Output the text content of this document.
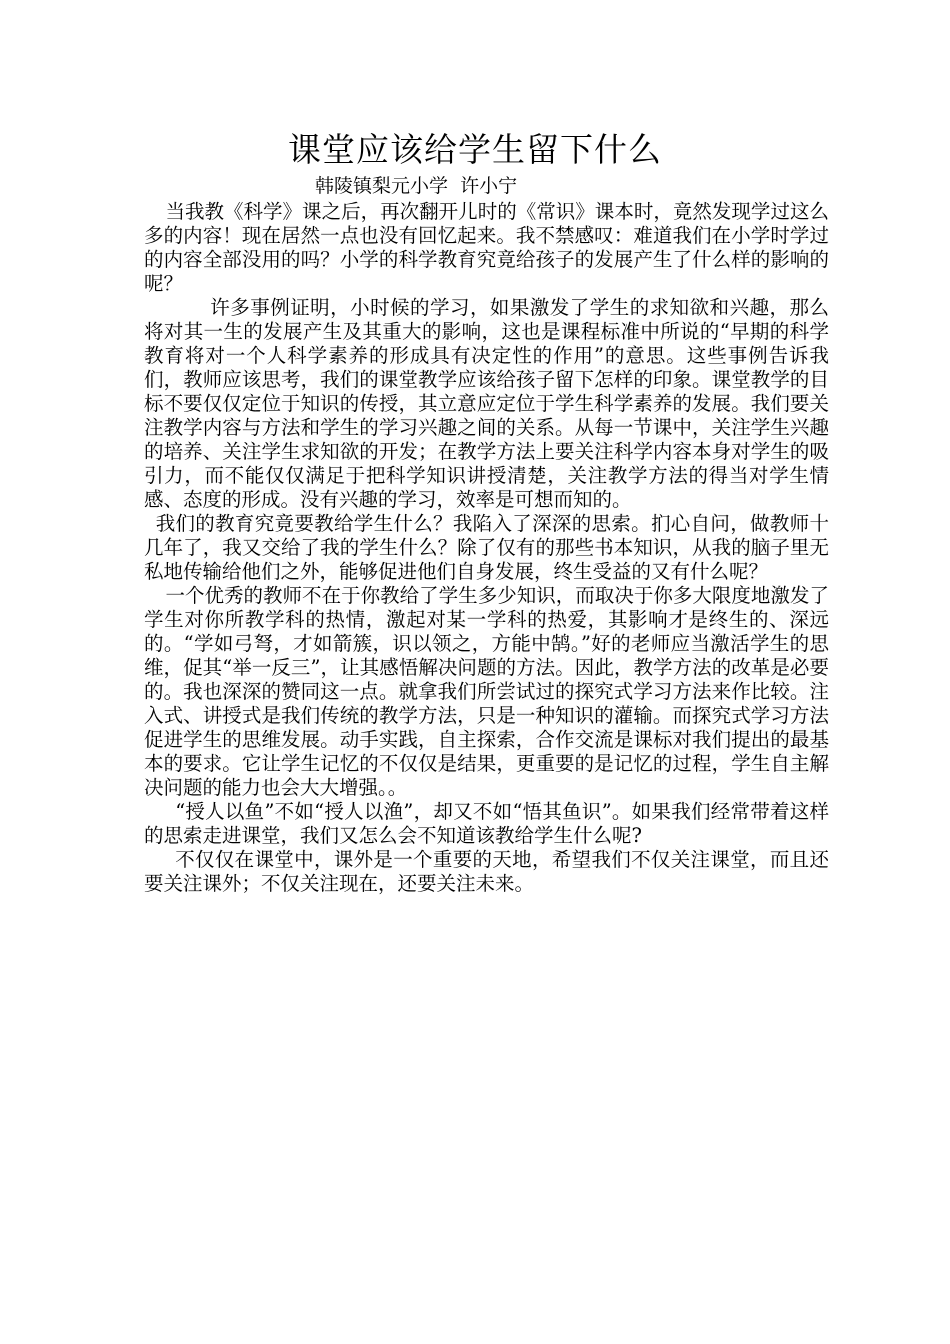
课堂应该给学生留下什么
韩陵镇梨元小学  许小宁

当我教《科学》课之后，再次翻开儿时的《常识》课本时，竟然发现学过这么多的内容！现在居然一点也没有回忆起来。我不禁感叹：难道我们在小学时学过的内容全部没用的吗？小学的科学教育究竟给孩子的发展产生了什么样的影响的呢？

许多事例证明，小时候的学习，如果激发了学生的求知欲和兴趣，那么将对其一生的发展产生及其重大的影响，这也是课程标准中所说的“早期的科学教育将对一个人科学素养的形成具有决定性的作用”的意思。这些事例告诉我们，教师应该思考，我们的课堂教学应该给孩子留下怎样的印象。课堂教学的目标不要仅仅定位于知识的传授，其立意应定位于学生科学素养的发展。我们要关注教学内容与方法和学生的学习兴趣之间的关系。从每一节课中，关注学生兴趣的培养、关注学生求知欲的开发；在教学方法上要关注科学内容本身对学生的吸引力，而不能仅仅满足于把科学知识讲授清楚，关注教学方法的得当对学生情感、态度的形成。没有兴趣的学习，效率是可想而知的。

我们的教育究竟要教给学生什么？我陷入了深深的思索。扪心自问，做教师十几年了，我又交给了我的学生什么？除了仅有的那些书本知识，从我的脑子里无私地传输给他们之外，能够促进他们自身发展，终生受益的又有什么呢？

一个优秀的教师不在于你教给了学生多少知识，而取决于你多大限度地激发了学生对你所教学科的热情，激起对某一学科的热爱，其影响才是终生的、深远的。“学如弓弩，才如箭簇，识以领之，方能中鹄。”好的老师应当激活学生的思维，促其“举一反三”，让其感悟解决问题的方法。因此，教学方法的改革是必要的。我也深深的赞同这一点。就拿我们所尝试过的探究式学习方法来作比较。注入式、讲授式是我们传统的教学方法，只是一种知识的灌输。而探究式学习方法促进学生的思维发展。动手实践，自主探索，合作交流是课标对我们提出的最基本的要求。它让学生记忆的不仅仅是结果，更重要的是记忆的过程，学生自主解决问题的能力也会大大增强。。

“授人以鱼”不如“授人以渔”，却又不如“悟其鱼识”。如果我们经常带着这样的思索走进课堂，我们又怎么会不知道该教给学生什么呢?

不仅仅在课堂中，课外是一个重要的天地，希望我们不仅关注课堂，而且还要关注课外；不仅关注现在，还要关注未来。
